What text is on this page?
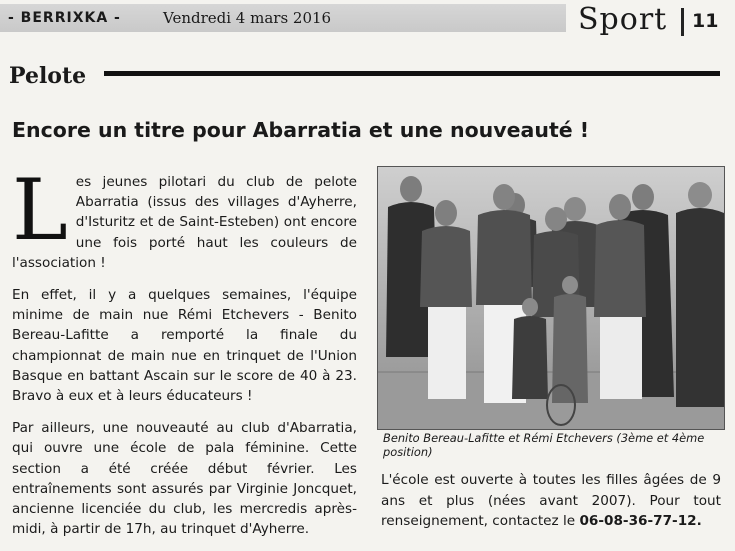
- BERRIXKA -	Vendredi 4 mars 2016	Sport 11
Pelote
Encore un titre pour Abarratia et une nouveauté !

Les jeunes pilotari du club de pelote Abarratia (issus des villages d'Ayherre, d'Isturitz et de Saint-Esteben) ont encore une fois porté haut les couleurs de l'association !

En effet, il y a quelques semaines, l'équipe minime de main nue Rémi Etchevers - Benito Bereau-Lafitte a remporté la finale du championnat de main nue en trinquet de l'Union Basque en battant Ascain sur le score de 40 à 23. Bravo à eux et à leurs éducateurs !

Par ailleurs, une nouveauté au club d'Abarratia, qui ouvre une école de pala féminine. Cette section a été créée début février. Les entraînements sont assurés par Virginie Joncquet, ancienne licenciée du club, les mercredis après-midi, à partir de 17h, au trinquet d'Ayherre.

Benito Bereau-Lafitte et Rémi Etchevers (3ème et 4ème position)
L'école est ouverte à toutes les filles âgées de 9 ans et plus (nées avant 2007). Pour tout renseignement, contactez le 06-08-36-77-12.
